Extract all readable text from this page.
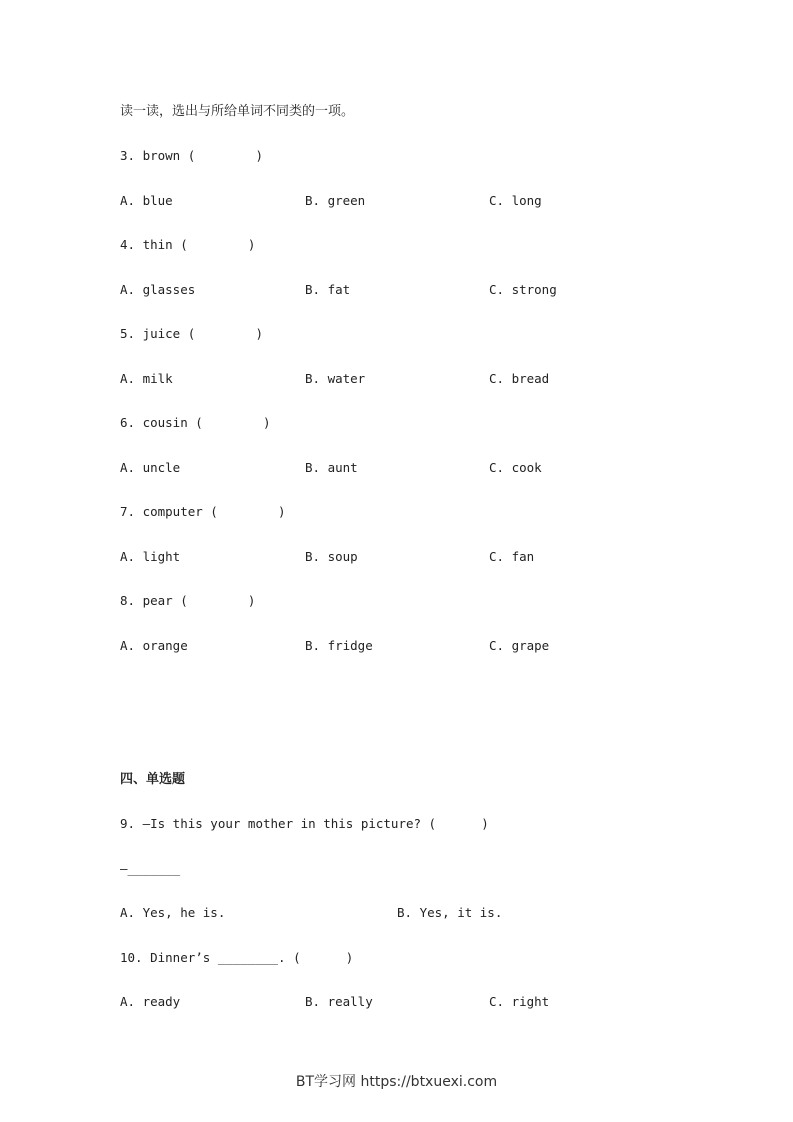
读一读，选出与所给单词不同类的一项。
3. brown (        )
A. blue	B. green	C. long
4. thin (        )
A. glasses	B. fat	C. strong
5. juice (        )
A. milk	B. water	C. bread
6. cousin (        )
A. uncle	B. aunt	C. cook
7. computer (        )
A. light	B. soup	C. fan
8. pear (        )
A. orange	B. fridge	C. grape
四、单选题
9. —Is this your mother in this picture? (      )
—_______
A. Yes, he is.	B. Yes, it is.
10. Dinner’s ________. (      )
A. ready	B. really	C. right
BT学习网 https://btxuexi.com
